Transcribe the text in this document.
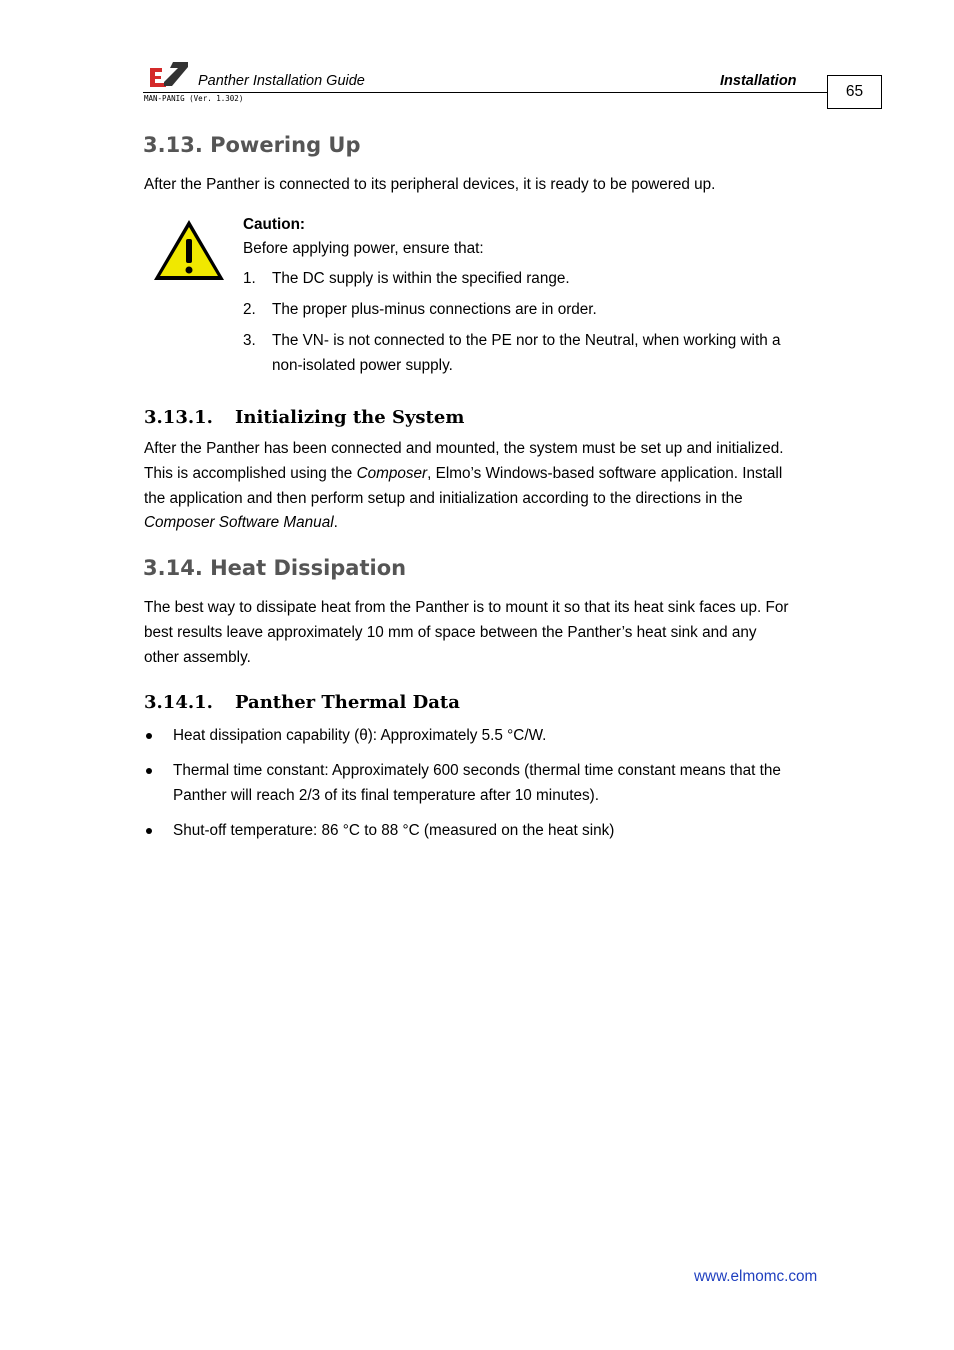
Panther Installation Guide	Installation
MAN-PANIG (Ver. 1.302)	65
3.13. Powering Up
After the Panther is connected to its peripheral devices, it is ready to be powered up.
Caution:
Before applying power, ensure that:
1. The DC supply is within the specified range.
2. The proper plus-minus connections are in order.
3. The VN- is not connected to the PE nor to the Neutral, when working with a
non-isolated power supply.
3.13.1. Initializing the System
After the Panther has been connected and mounted, the system must be set up and initialized.
This is accomplished using the Composer, Elmo’s Windows-based software application. Install
the application and then perform setup and initialization according to the directions in the
Composer Software Manual.
3.14. Heat Dissipation
The best way to dissipate heat from the Panther is to mount it so that its heat sink faces up. For
best results leave approximately 10 mm of space between the Panther’s heat sink and any
other assembly.
3.14.1. Panther Thermal Data
Heat dissipation capability (θ): Approximately 5.5 °C/W.
Thermal time constant: Approximately 600 seconds (thermal time constant means that the
Panther will reach 2/3 of its final temperature after 10 minutes).
Shut-off temperature: 86 °C to 88 °C (measured on the heat sink)
www.elmomc.com
